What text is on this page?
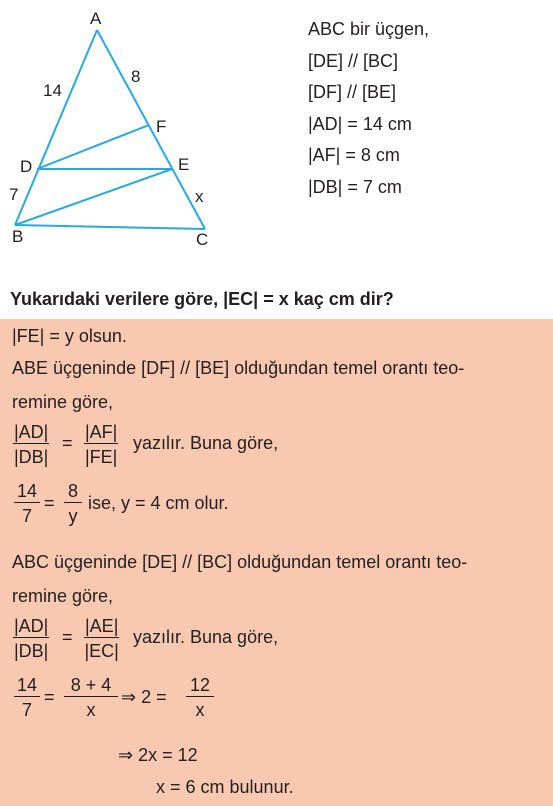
A
B	C
D	E
F
14
8
7	x
ABC bir üçgen,
[DE] // [BC]
[DF] // [BE]
|AD| = 14 cm
|AF| = 8 cm
|DB| = 7 cm
Yukarıdaki verilere göre, |EC| = x kaç cm dir?
|FE| = y olsun.
ABE üçgeninde [DF] // [BE] olduğundan temel orantı teo-
remine göre,
$\frac{|AD|}{|DB|} = \frac{|AF|}{|FE|}$ yazılır. Buna göre,
$\frac{14}{7} = \frac{8}{y}$ ise, y = 4 cm olur.
ABC üçgeninde [DE] // [BC] olduğundan temel orantı teo-
remine göre,
$\frac{|AD|}{|DB|} = \frac{|AE|}{|EC|}$ yazılır. Buna göre,
$\frac{14}{7} = \frac{8 + 4}{x}$ ⇒ $2 = \frac{12}{x}$
⇒ 2x = 12
x = 6 cm bulunur.
